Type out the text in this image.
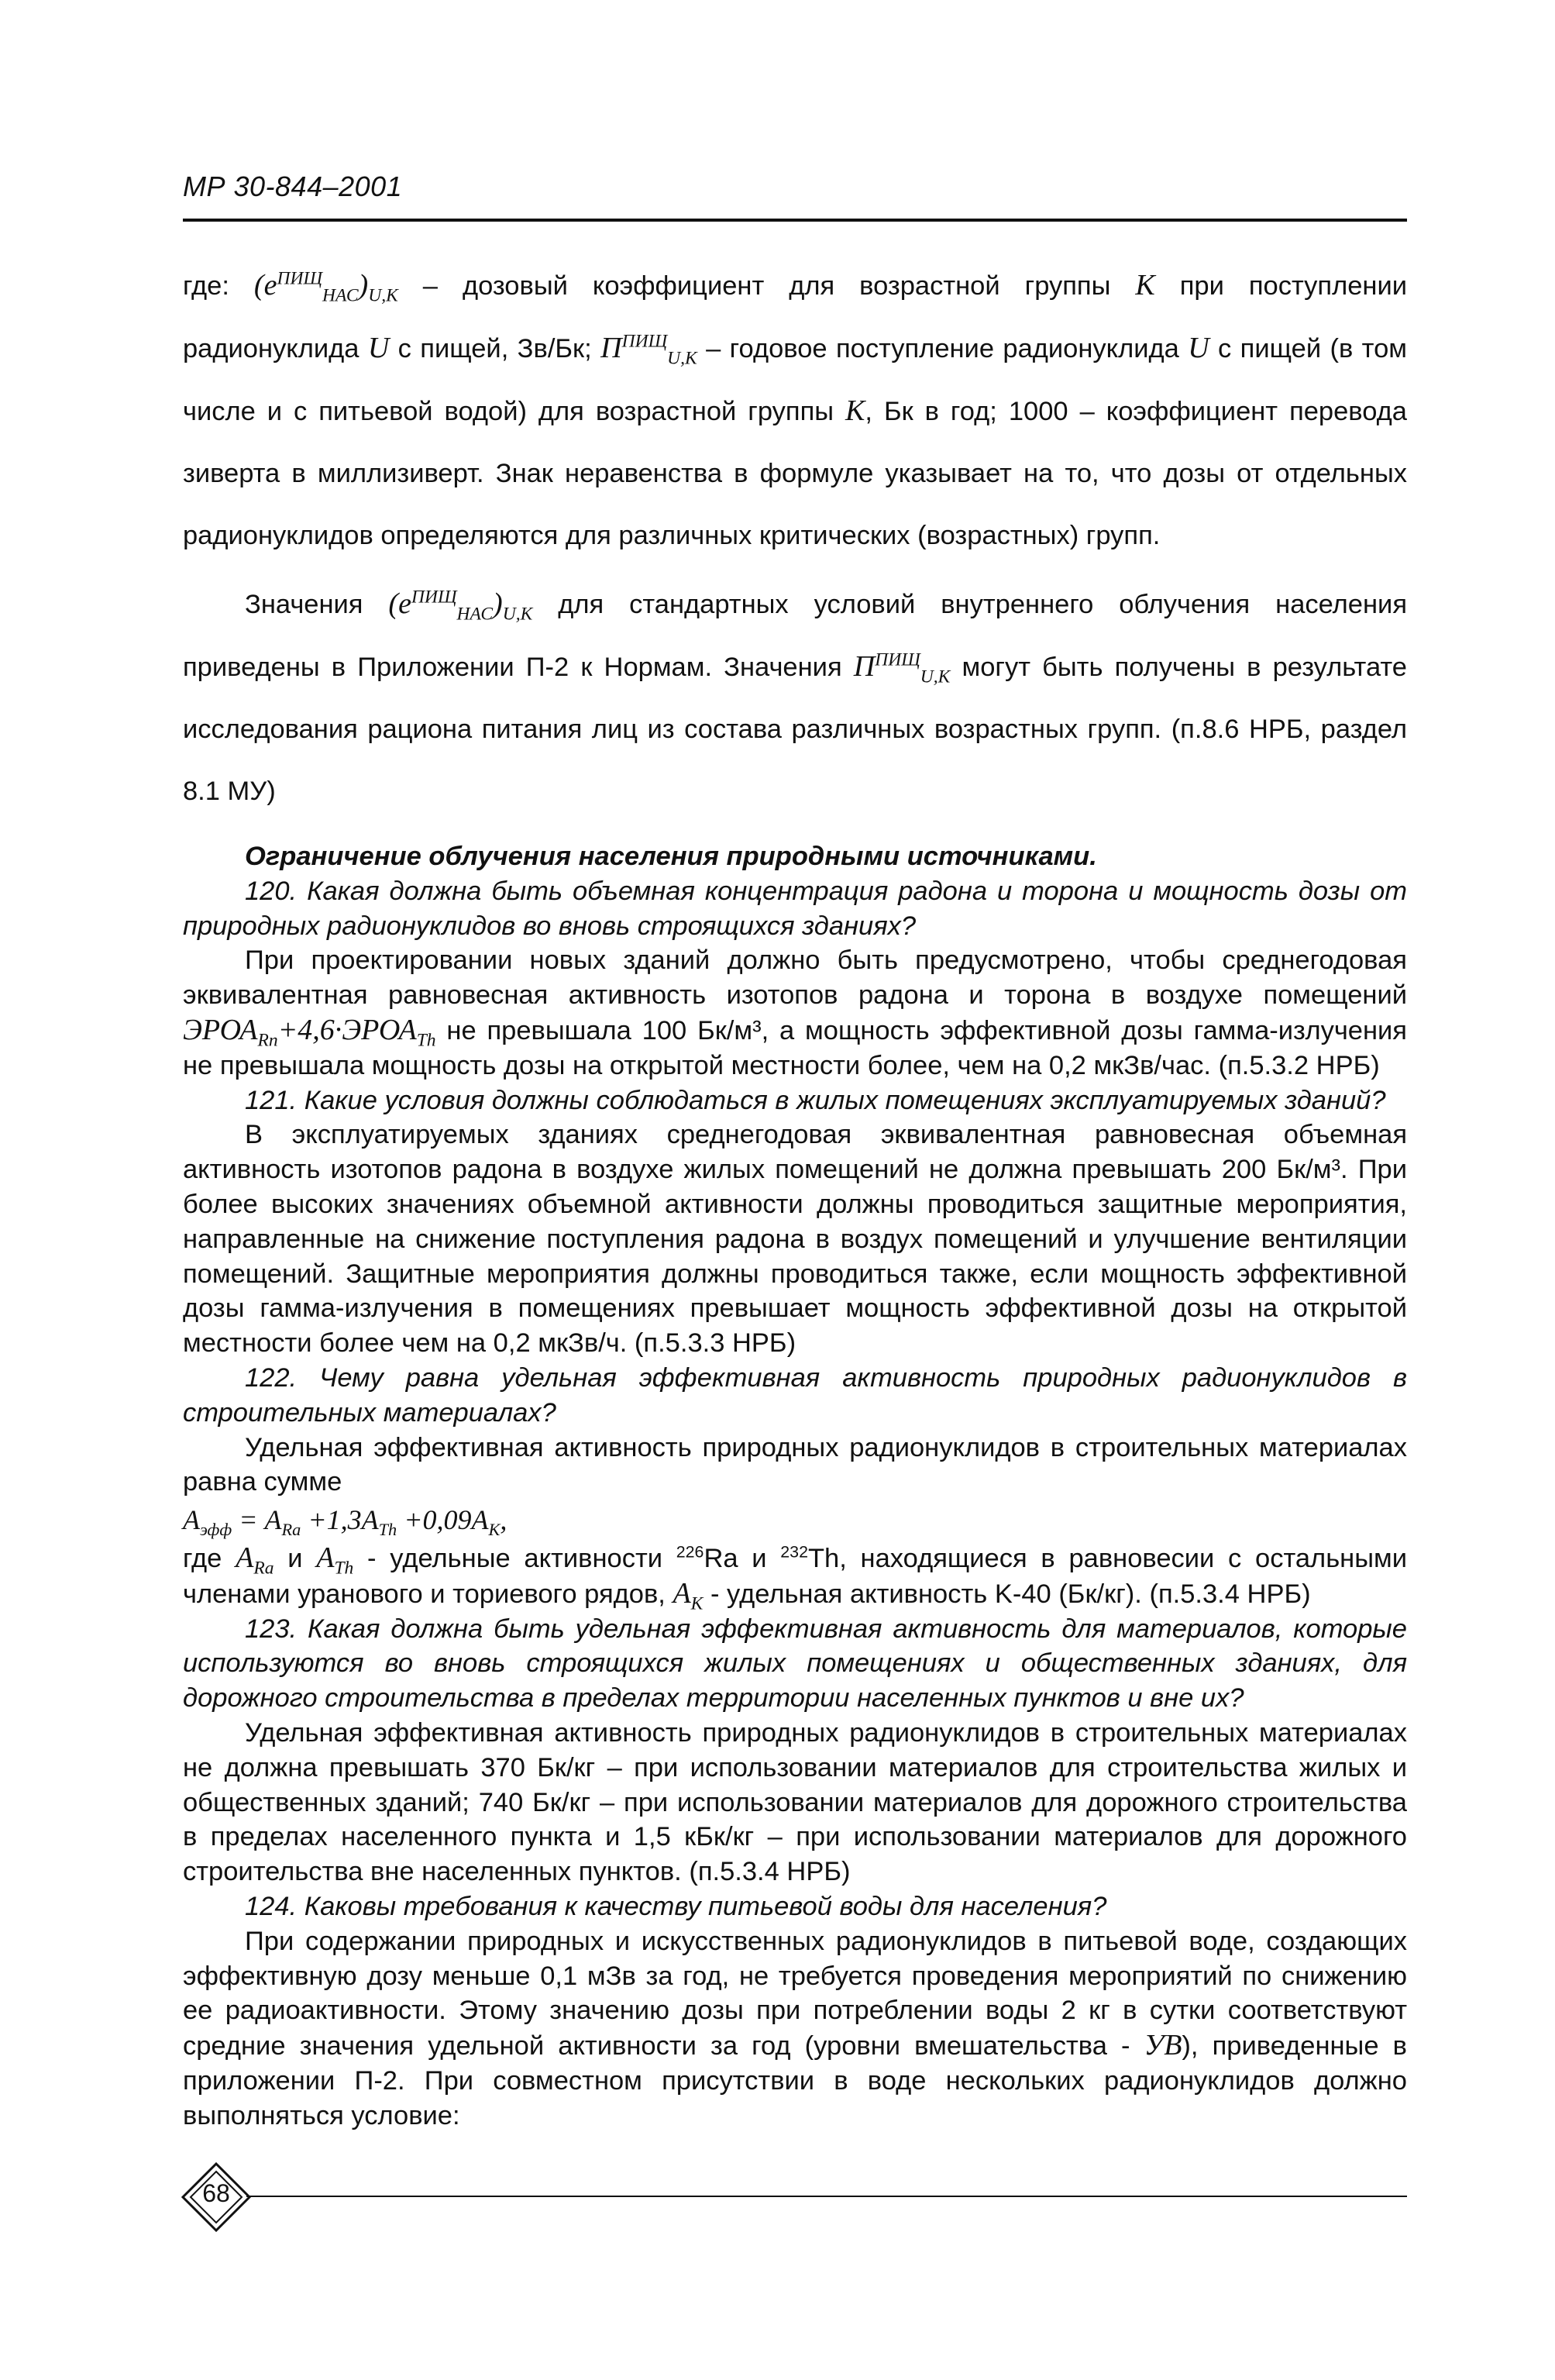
МР 30-844–2001

где: $(e^{ПИЩ}_{НАС})_{U,K}$ – дозовый коэффициент для возрастной группы K при поступлении радионуклида U с пищей, Зв/Бк; $П^{ПИЩ}_{U,K}$ – годовое поступление радионуклида U с пищей (в том числе и с питьевой водой) для возрастной группы K, Бк в год; 1000 – коэффициент перевода зиверта в миллизиверт. Знак неравенства в формуле указывает на то, что дозы от отдельных радионуклидов определяются для различных критических (возрастных) групп.

Значения $(e^{ПИЩ}_{НАС})_{U,K}$ для стандартных условий внутреннего облучения населения приведены в Приложении П-2 к Нормам. Значения $П^{ПИЩ}_{U,K}$ могут быть получены в результате исследования рациона питания лиц из состава различных возрастных групп. (п.8.6 НРБ, раздел 8.1 МУ)

Ограничение облучения населения природными источниками.

120. Какая должна быть объемная концентрация радона и торона и мощность дозы от природных радионуклидов во вновь строящихся зданиях?

При проектировании новых зданий должно быть предусмотрено, чтобы среднегодовая эквивалентная равновесная активность изотопов радона и торона в воздухе помещений $ЭРОА_{Rn}+4,6\cdot ЭРОА_{Th}$ не превышала 100 Бк/м³, а мощность эффективной дозы гамма-излучения не превышала мощность дозы на открытой местности более, чем на 0,2 мкЗв/час. (п.5.3.2 НРБ)

121. Какие условия должны соблюдаться в жилых помещениях эксплуатируемых зданий?

В эксплуатируемых зданиях среднегодовая эквивалентная равновесная объемная активность изотопов радона в воздухе жилых помещений не должна превышать 200 Бк/м³. При более высоких значениях объемной активности должны проводиться защитные мероприятия, направленные на снижение поступления радона в воздух помещений и улучшение вентиляции помещений. Защитные мероприятия должны проводиться также, если мощность эффективной дозы гамма-излучения в помещениях превышает мощность эффективной дозы на открытой местности более чем на 0,2 мкЗв/ч. (п.5.3.3 НРБ)

122. Чему равна удельная эффективная активность природных радионуклидов в строительных материалах?

Удельная эффективная активность природных радионуклидов в строительных материалах равна сумме

$A_{эфф} = A_{Ra} +1,3A_{Th} +0,09A_K$,

где $A_{Ra}$ и $A_{Th}$ - удельные активности $^{226}$Ra и $^{232}$Th, находящиеся в равновесии с остальными членами уранового и ториевого рядов, $A_K$ - удельная активность K-40 (Бк/кг). (п.5.3.4 НРБ)

123. Какая должна быть удельная эффективная активность для материалов, которые используются во вновь строящихся жилых помещениях и общественных зданиях, для дорожного строительства в пределах территории населенных пунктов и вне их?

Удельная эффективная активность природных радионуклидов в строительных материалах не должна превышать 370 Бк/кг – при использовании материалов для строительства жилых и общественных зданий; 740 Бк/кг – при использовании материалов для дорожного строительства в пределах населенного пункта и 1,5 кБк/кг – при использовании материалов для дорожного строительства вне населенных пунктов. (п.5.3.4 НРБ)

124. Каковы требования к качеству питьевой воды для населения?

При содержании природных и искусственных радионуклидов в питьевой воде, создающих эффективную дозу меньше 0,1 мЗв за год, не требуется проведения мероприятий по снижению ее радиоактивности. Этому значению дозы при потреблении воды 2 кг в сутки соответствуют средние значения удельной активности за год (уровни вмешательства - УВ), приведенные в приложении П-2. При совместном присутствии в воде нескольких радионуклидов должно выполняться условие:

68
